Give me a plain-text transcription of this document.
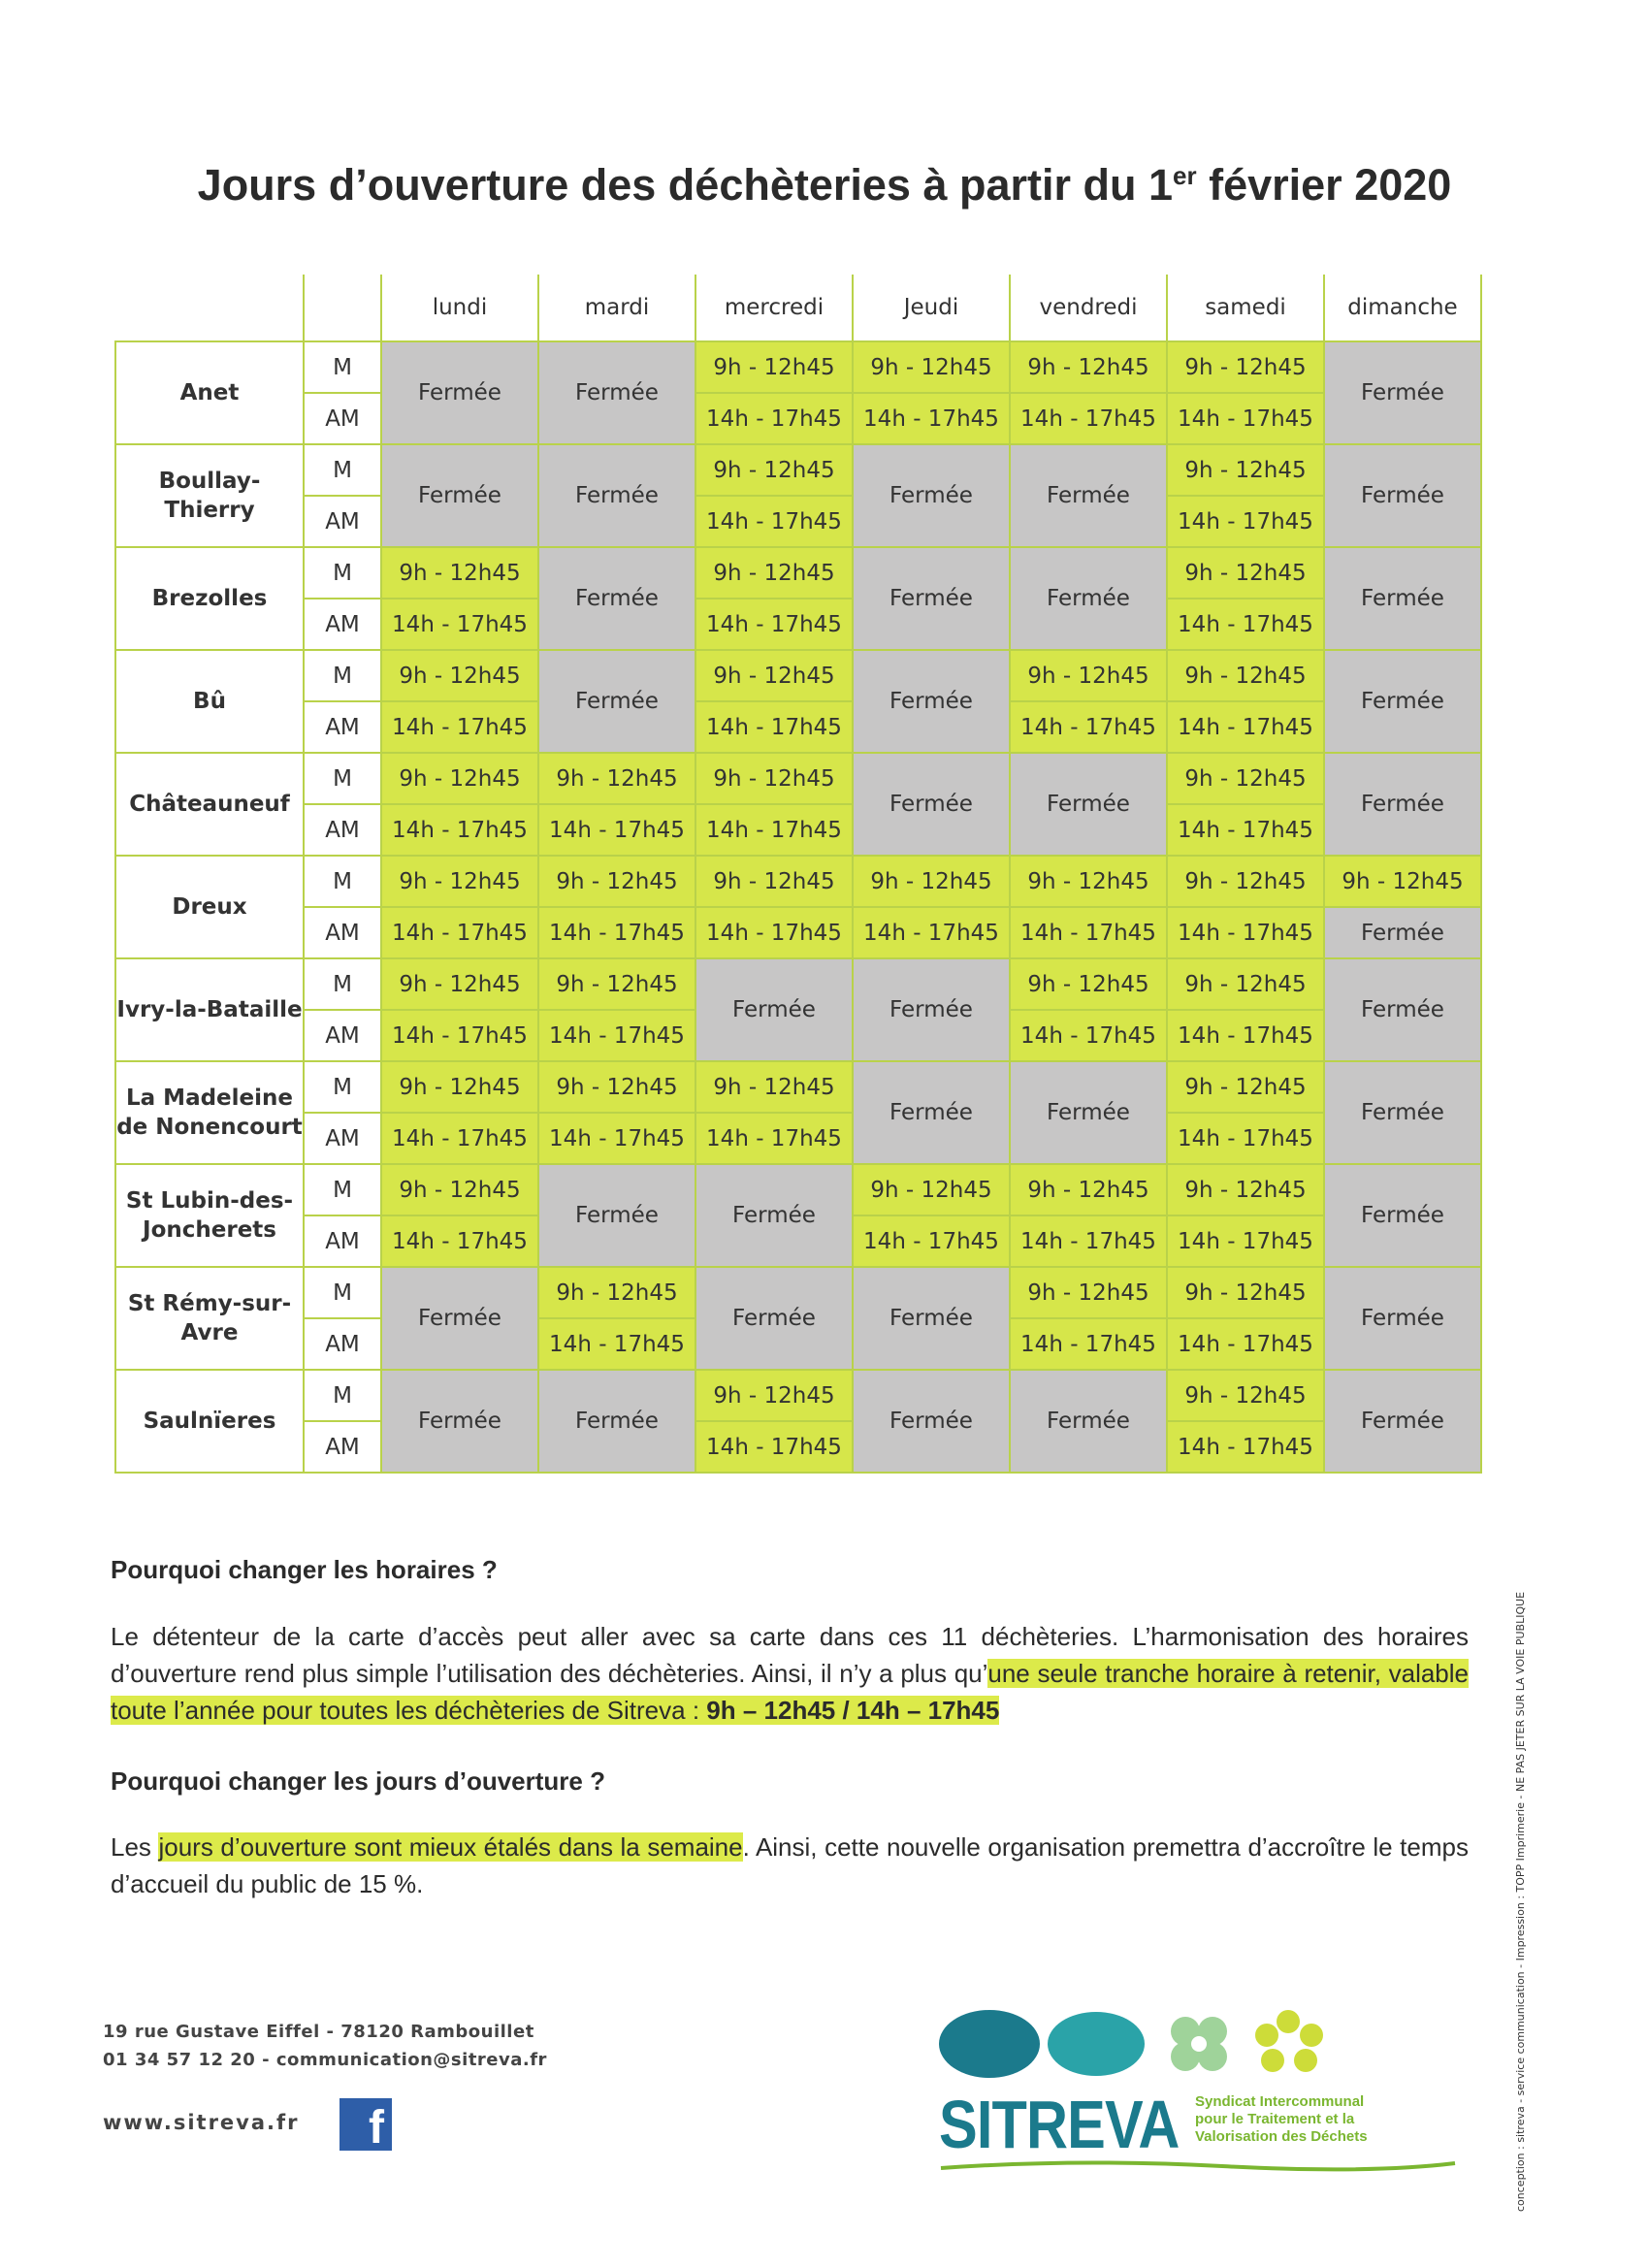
Jours d’ouverture des déchèteries à partir du 1er février 2020
		lundi	mardi	mercredi	Jeudi	vendredi	samedi	dimanche
Anet	M	Fermée	Fermée	9h - 12h45	9h - 12h45	9h - 12h45	9h - 12h45	Fermée
	AM			14h - 17h45	14h - 17h45	14h - 17h45	14h - 17h45	
Boullay-Thierry	M	Fermée	Fermée	9h - 12h45	Fermée	Fermée	9h - 12h45	Fermée
	AM			14h - 17h45			14h - 17h45	
Brezolles	M	9h - 12h45	Fermée	9h - 12h45	Fermée	Fermée	9h - 12h45	Fermée
	AM	14h - 17h45		14h - 17h45			14h - 17h45	
Bû	M	9h - 12h45	Fermée	9h - 12h45	Fermée	9h - 12h45	9h - 12h45	Fermée
	AM	14h - 17h45		14h - 17h45		14h - 17h45	14h - 17h45	
Châteauneuf	M	9h - 12h45	9h - 12h45	9h - 12h45	Fermée	Fermée	9h - 12h45	Fermée
	AM	14h - 17h45	14h - 17h45	14h - 17h45			14h - 17h45	
Dreux	M	9h - 12h45	9h - 12h45	9h - 12h45	9h - 12h45	9h - 12h45	9h - 12h45	9h - 12h45
	AM	14h - 17h45	14h - 17h45	14h - 17h45	14h - 17h45	14h - 17h45	14h - 17h45	Fermée
Ivry-la-Bataille	M	9h - 12h45	9h - 12h45	Fermée	Fermée	9h - 12h45	9h - 12h45	Fermée
	AM	14h - 17h45	14h - 17h45			14h - 17h45	14h - 17h45	
La Madeleine de Nonencourt	M	9h - 12h45	9h - 12h45	9h - 12h45	Fermée	Fermée	9h - 12h45	Fermée
	AM	14h - 17h45	14h - 17h45	14h - 17h45			14h - 17h45	
St Lubin-des-Joncherets	M	9h - 12h45	Fermée	Fermée	9h - 12h45	9h - 12h45	9h - 12h45	Fermée
	AM	14h - 17h45			14h - 17h45	14h - 17h45	14h - 17h45	
St Rémy-sur-Avre	M	Fermée	9h - 12h45	Fermée	Fermée	9h - 12h45	9h - 12h45	Fermée
	AM		14h - 17h45			14h - 17h45	14h - 17h45	
Saulnïeres	M	Fermée	Fermée	9h - 12h45	Fermée	Fermée	9h - 12h45	Fermée
	AM			14h - 17h45			14h - 17h45	
Pourquoi changer les horaires ?
Le détenteur de la carte d’accès peut aller avec sa carte dans ces 11 déchèteries. L’harmonisation des horaires d’ouverture rend plus simple l’utilisation des déchèteries. Ainsi, il n’y a plus qu’une seule tranche horaire à retenir, valable toute l’année pour toutes les déchèteries de Sitreva : 9h – 12h45 / 14h – 17h45
Pourquoi changer les jours d’ouverture ?
Les jours d’ouverture sont mieux étalés dans la semaine. Ainsi, cette nouvelle organisation premettra d’accroître le temps d’accueil du public de 15 %.
19 rue Gustave Eiffel - 78120 Rambouillet
01 34 57 12 20 - communication@sitreva.fr
www.sitreva.fr f	SITREVA Syndicat Intercommunal
pour le Traitement et la
Valorisation des Déchets	conception : sitreva - service communication - Impression : TOPP Imprimerie - NE PAS JETER SUR LA VOIE PUBLIQUE
